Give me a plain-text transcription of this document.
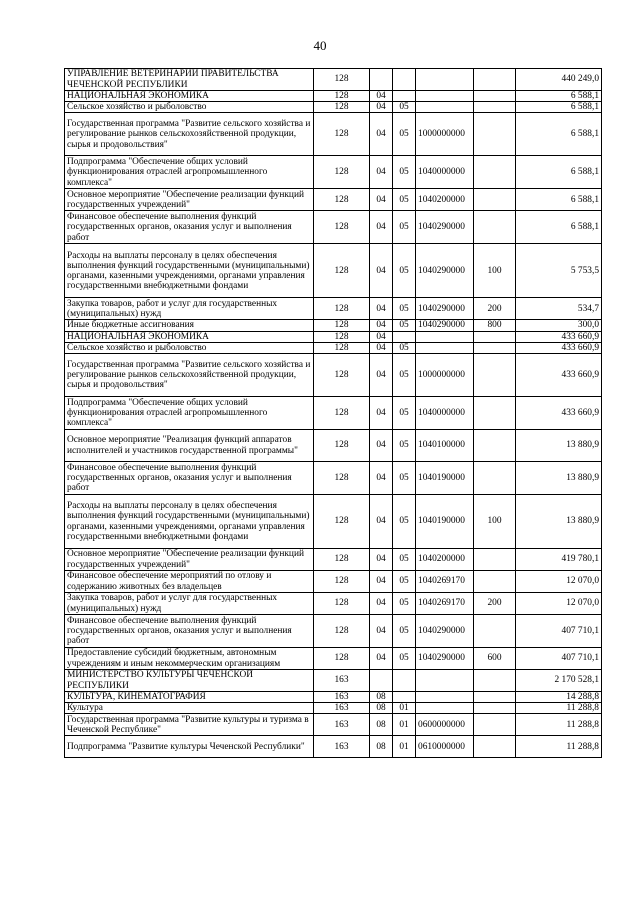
40
УПРАВЛЕНИЕ ВЕТЕРИНАРИИ ПРАВИТЕЛЬСТВА ЧЕЧЕНСКОЙ РЕСПУБЛИКИ	128					440 249,0
НАЦИОНАЛЬНАЯ ЭКОНОМИКА	128	04				6 588,1
Сельское хозяйство и рыболовство	128	04	05			6 588,1
Государственная программа "Развитие сельского хозяйства и регулирование рынков сельскохозяйственной продукции, сырья и продовольствия"	128	04	05	1000000000		6 588,1
Подпрограмма "Обеспечение общих условий функционирования отраслей агропромышленного комплекса"	128	04	05	1040000000		6 588,1
Основное мероприятие "Обеспечение реализации функций государственных учреждений"	128	04	05	1040200000		6 588,1
Финансовое обеспечение выполнения функций государственных органов, оказания услуг и выполнения работ	128	04	05	1040290000		6 588,1
Расходы на выплаты персоналу в целях обеспечения выполнения функций государственными (муниципальными) органами, казенными учреждениями, органами управления государственными внебюджетными фондами	128	04	05	1040290000	100	5 753,5
Закупка товаров, работ и услуг для государственных (муниципальных) нужд	128	04	05	1040290000	200	534,7
Иные бюджетные ассигнования	128	04	05	1040290000	800	300,0
НАЦИОНАЛЬНАЯ ЭКОНОМИКА	128	04				433 660,9
Сельское хозяйство и рыболовство	128	04	05			433 660,9
Государственная программа "Развитие сельского хозяйства и регулирование рынков сельскохозяйственной продукции, сырья и продовольствия"	128	04	05	1000000000		433 660,9
Подпрограмма "Обеспечение общих условий функционирования отраслей агропромышленного комплекса"	128	04	05	1040000000		433 660,9
Основное мероприятие "Реализация функций аппаратов исполнителей и участников государственной программы"	128	04	05	1040100000		13 880,9
Финансовое обеспечение выполнения функций государственных органов, оказания услуг и выполнения работ	128	04	05	1040190000		13 880,9
Расходы на выплаты персоналу в целях обеспечения выполнения функций государственными (муниципальными) органами, казенными учреждениями, органами управления государственными внебюджетными фондами	128	04	05	1040190000	100	13 880,9
Основное мероприятие "Обеспечение реализации функций государственных учреждений"	128	04	05	1040200000		419 780,1
Финансовое обеспечение мероприятий по отлову и содержанию животных без владельцев	128	04	05	1040269170		12 070,0
Закупка товаров, работ и услуг для государственных (муниципальных) нужд	128	04	05	1040269170	200	12 070,0
Финансовое обеспечение выполнения функций государственных органов, оказания услуг и выполнения работ	128	04	05	1040290000		407 710,1
Предоставление субсидий бюджетным, автономным учреждениям и иным некоммерческим организациям	128	04	05	1040290000	600	407 710,1
МИНИСТЕРСТВО КУЛЬТУРЫ ЧЕЧЕНСКОЙ РЕСПУБЛИКИ	163					2 170 528,1
КУЛЬТУРА, КИНЕМАТОГРАФИЯ	163	08				14 288,8
Культура	163	08	01			11 288,8
Государственная программа "Развитие культуры и туризма в Чеченской Республике"	163	08	01	0600000000		11 288,8
Подпрограмма "Развитие культуры Чеченской Республики"	163	08	01	0610000000		11 288,8
